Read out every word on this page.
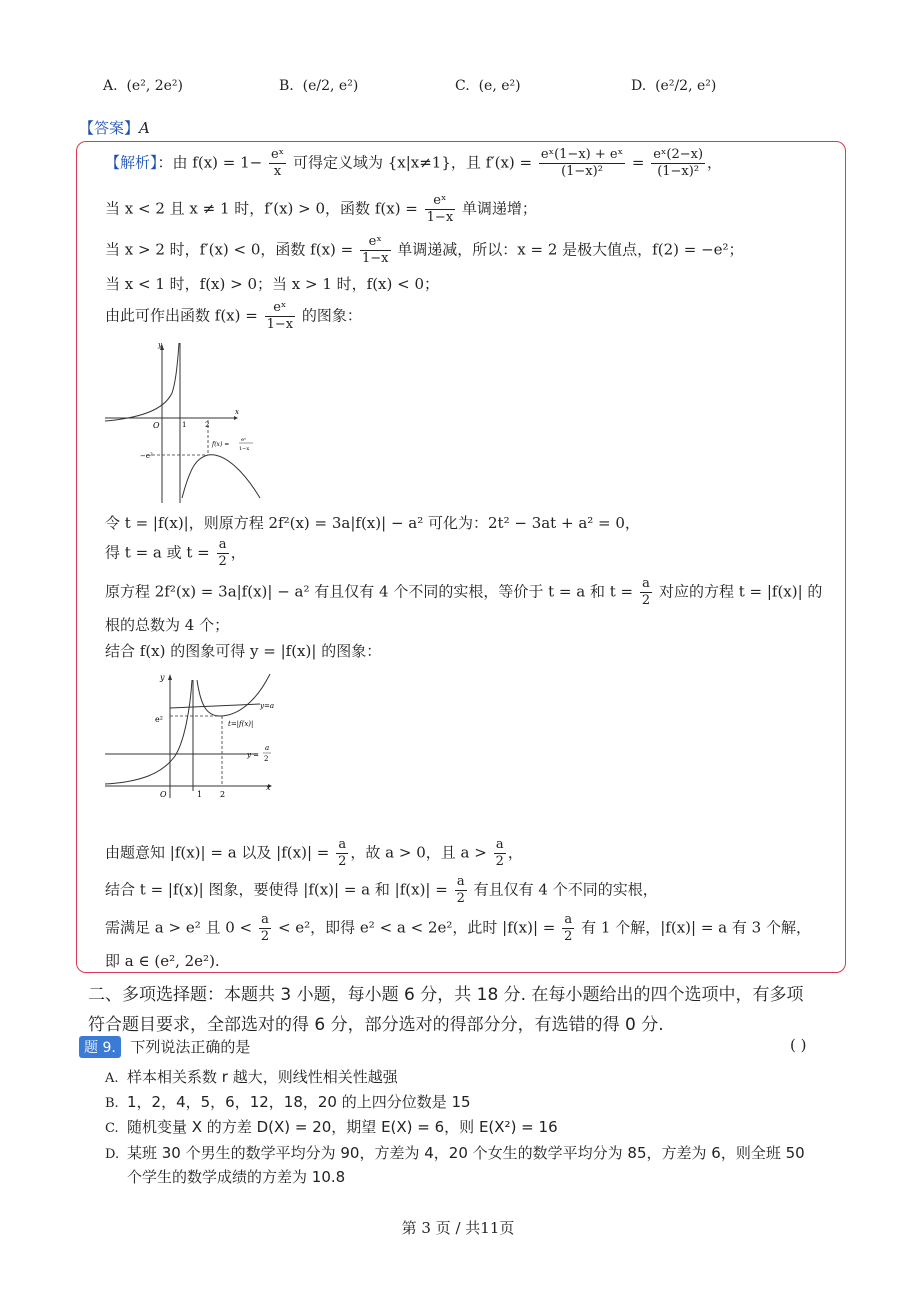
A. (e², 2e²)	B. (e/2, e²)	C. (e, e²)	D. (e²/2, e²)
【答案】A
【解析】：由 $f(x) = 1- \frac{\text{eˣ}}{x}$ 可得定义域为 {x|x≠1}，且 $f'(x) = \frac{\text{eˣ(1−x) + eˣ}}{\text{(1−x)²}} = \frac{\text{eˣ(2−x)}}{\text{(1−x)²}}$ ，
当 x < 2 且 x ≠ 1 时，f′(x) > 0，函数 $f(x) = \frac{\text{eˣ}}{1-x}$ 单调递增；
当 x > 2 时，f′(x) < 0，函数 $f(x) = \frac{\text{eˣ}}{1-x}$ 单调递减，所以：x = 2 是极大值点，f(2) = −e²；
当 x < 1 时，f(x) > 0；当 x > 1 时，f(x) < 0；
由此可作出函数 $f(x) = \frac{\text{eˣ}}{1-x}$ 的图象：
y
x
O	1	2
−e²
f(x) =
eˣ
1−x
令 t = |f(x)|，则原方程 2f²(x) = 3a|f(x)| − a² 可化为：2t² − 3at + a² = 0，
得 t = a 或 $t = \frac{a}{2}$ ，
原方程 2f²(x) = 3a|f(x)| − a² 有且仅有 4 个不同的实根，等价于 t = a 和 $t = \frac{a}{2}$ 对应的方程 t = |f(x)| 的
根的总数为 4 个；
结合 f(x) 的图象可得 y = |f(x)| 的图象：
y
x
O	1 2
e²
y=a
t=|f(x)|
y =
a
2
由题意知 |f(x)| = a 以及 $|f(x)| = \frac{a}{2}$ ，故 a > 0，且 $a > \frac{a}{2}$ ，
结合 t = |f(x)| 图象，要使得 |f(x)| = a 和 $|f(x)| = \frac{a}{2}$ 有且仅有 4 个不同的实根，
需满足 a > e² 且 $0 < \frac{a}{2} < e^2$，即得 e² < a < 2e²，此时 $|f(x)| = \frac{a}{2}$ 有 1 个解，|f(x)| = a 有 3 个解，
即 a ∈ (e², 2e²).
二、多项选择题：本题共 3 小题，每小题 6 分，共 18 分. 在每小题给出的四个选项中，有多项
符合题目要求，全部选对的得 6 分，部分选对的得部分分，有选错的得 0 分.
题 9. 下列说法正确的是	( )
A. 样本相关系数 r 越大，则线性相关性越强
B. 1，2，4，5，6，12，18，20 的上四分位数是 15
C. 随机变量 X 的方差 D(X) = 20，期望 E(X) = 6，则 E(X²) = 16
D. 某班 30 个男生的数学平均分为 90，方差为 4，20 个女生的数学平均分为 85，方差为 6，则全班 50
个学生的数学成绩的方差为 10.8
第 3 页 / 共11页
